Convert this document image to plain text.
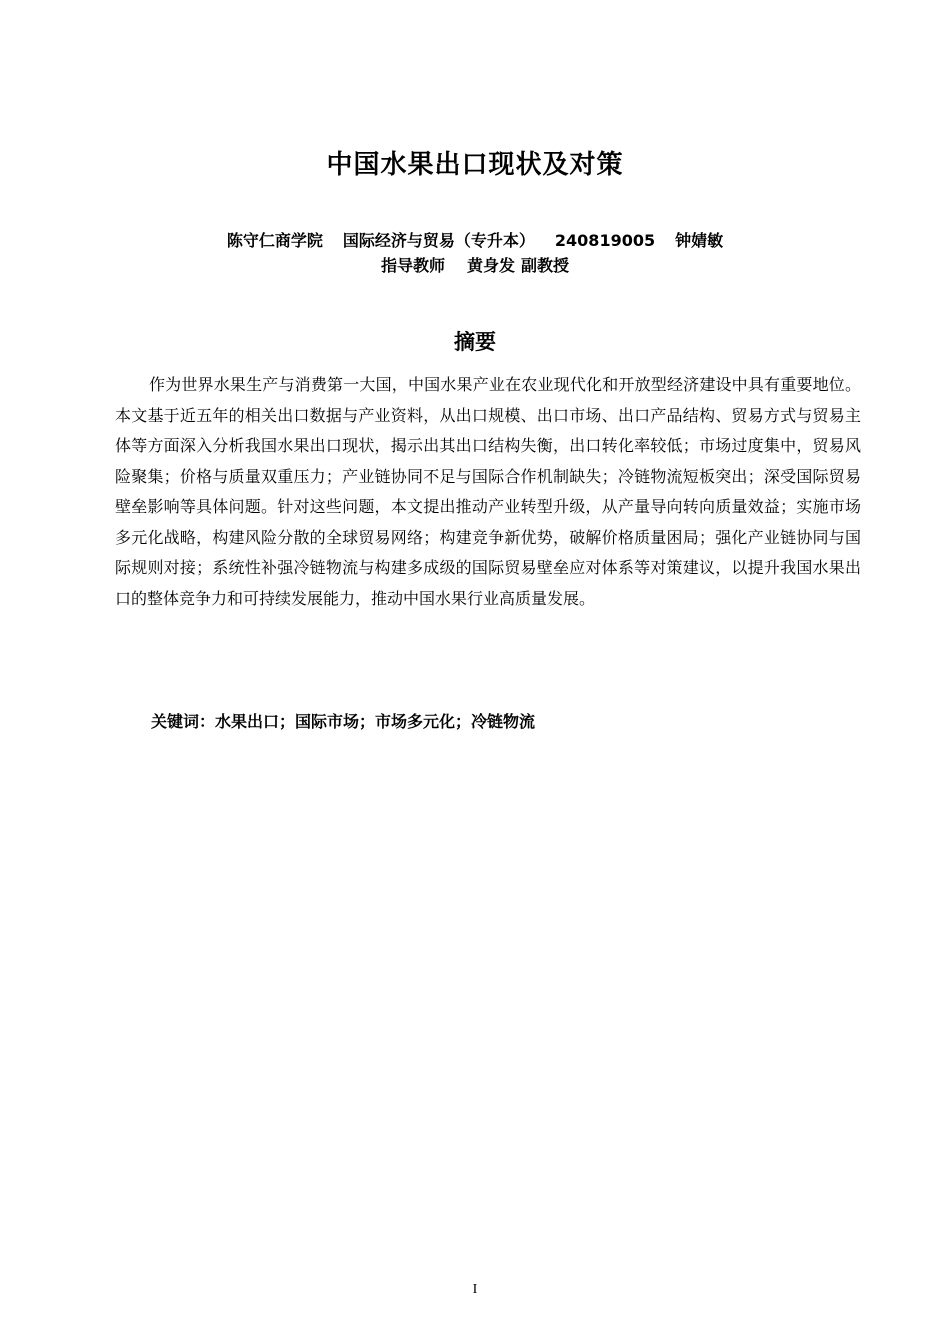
中国水果出口现状及对策
陈守仁商学院 国际经济与贸易（专升本） 240819005 钟婧敏
指导教师 黄身发 副教授
摘要

作为世界水果生产与消费第一大国，中国水果产业在农业现代化和开放型经济建设中具有重要地位。本文基于近五年的相关出口数据与产业资料，从出口规模、出口市场、出口产品结构、贸易方式与贸易主体等方面深入分析我国水果出口现状，揭示出其出口结构失衡，出口转化率较低；市场过度集中，贸易风险聚集；价格与质量双重压力；产业链协同不足与国际合作机制缺失；冷链物流短板突出；深受国际贸易壁垒影响等具体问题。针对这些问题，本文提出推动产业转型升级，从产量导向转向质量效益；实施市场多元化战略，构建风险分散的全球贸易网络；构建竞争新优势，破解价格质量困局；强化产业链协同与国际规则对接；系统性补强冷链物流与构建多成级的国际贸易壁垒应对体系等对策建议，以提升我国水果出口的整体竞争力和可持续发展能力，推动中国水果行业高质量发展。

关键词：水果出口；国际市场；市场多元化；冷链物流
I
